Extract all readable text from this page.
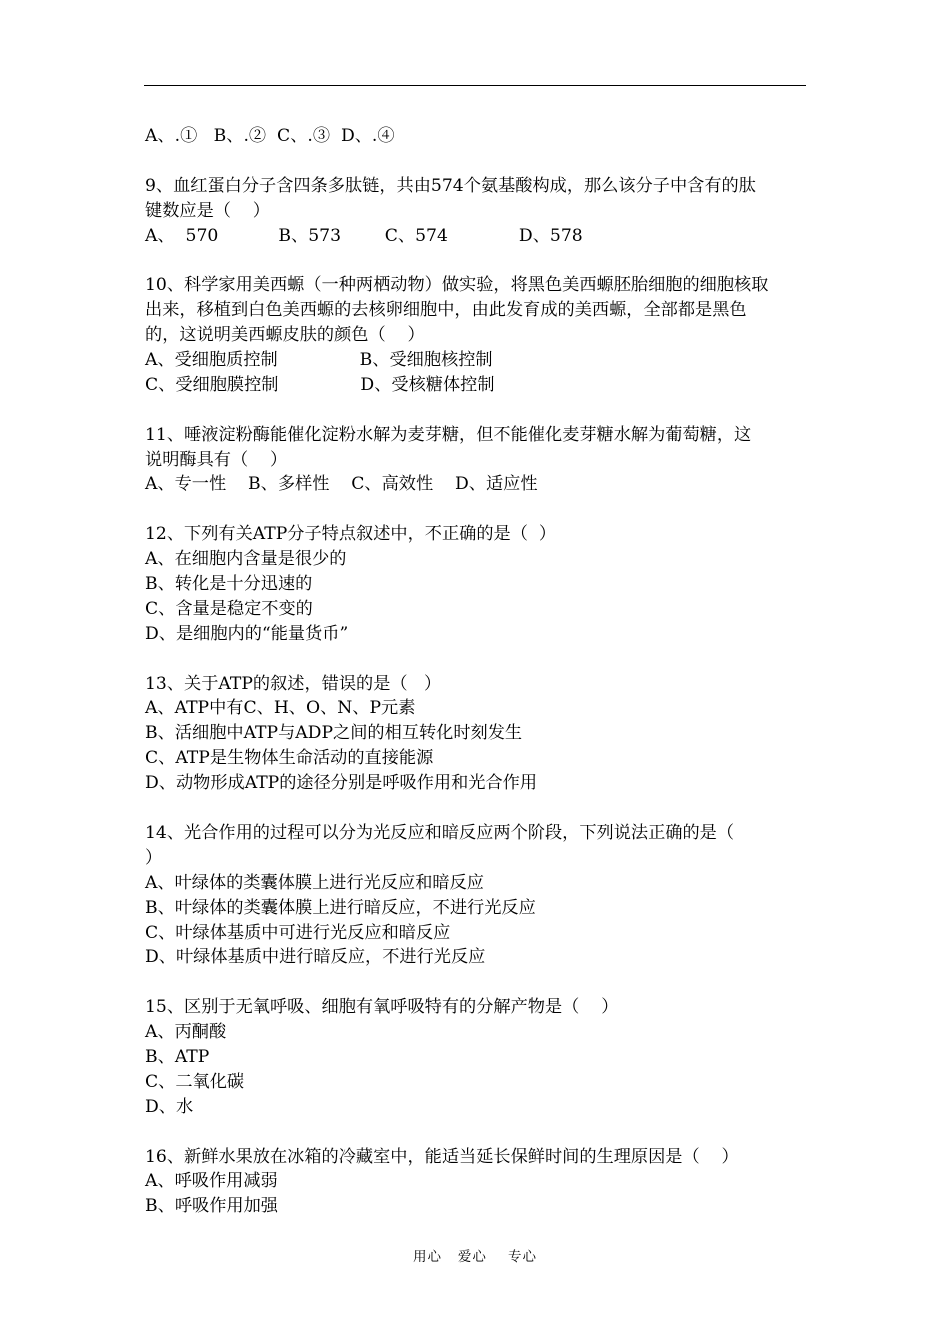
A、.①   B、.②  C、.③  D、.④
9、血红蛋白分子含四条多肽链，共由574个氨基酸构成，那么该分子中含有的肽
键数应是（    ）
A、  570           B、573        C、574             D、578
10、科学家用美西螈（一种两栖动物）做实验，将黑色美西螈胚胎细胞的细胞核取
出来，移植到白色美西螈的去核卵细胞中，由此发育成的美西螈，全部都是黑色
的，这说明美西螈皮肤的颜色（    ）
A、受细胞质控制               B、受细胞核控制
C、受细胞膜控制               D、受核糖体控制
11、唾液淀粉酶能催化淀粉水解为麦芽糖，但不能催化麦芽糖水解为葡萄糖，这
说明酶具有（    ）
A、专一性    B、多样性    C、高效性    D、适应性
12、下列有关ATP分子特点叙述中，不正确的是（  ）
A、在细胞内含量是很少的
B、转化是十分迅速的
C、含量是稳定不变的
D、是细胞内的“能量货币”
13、关于ATP的叙述，错误的是（   ）
A、ATP中有C、H、O、N、P元素
B、活细胞中ATP与ADP之间的相互转化时刻发生
C、ATP是生物体生命活动的直接能源
D、动物形成ATP的途径分别是呼吸作用和光合作用
14、光合作用的过程可以分为光反应和暗反应两个阶段，下列说法正确的是（
）
A、叶绿体的类囊体膜上进行光反应和暗反应
B、叶绿体的类囊体膜上进行暗反应，不进行光反应
C、叶绿体基质中可进行光反应和暗反应
D、叶绿体基质中进行暗反应，不进行光反应
15、区别于无氧呼吸、细胞有氧呼吸特有的分解产物是（    ）
A、丙酮酸
B、ATP
C、二氧化碳
D、水
16、新鲜水果放在冰箱的冷藏室中，能适当延长保鲜时间的生理原因是（    ）
A、呼吸作用减弱
B、呼吸作用加强
用心   爱心    专心
